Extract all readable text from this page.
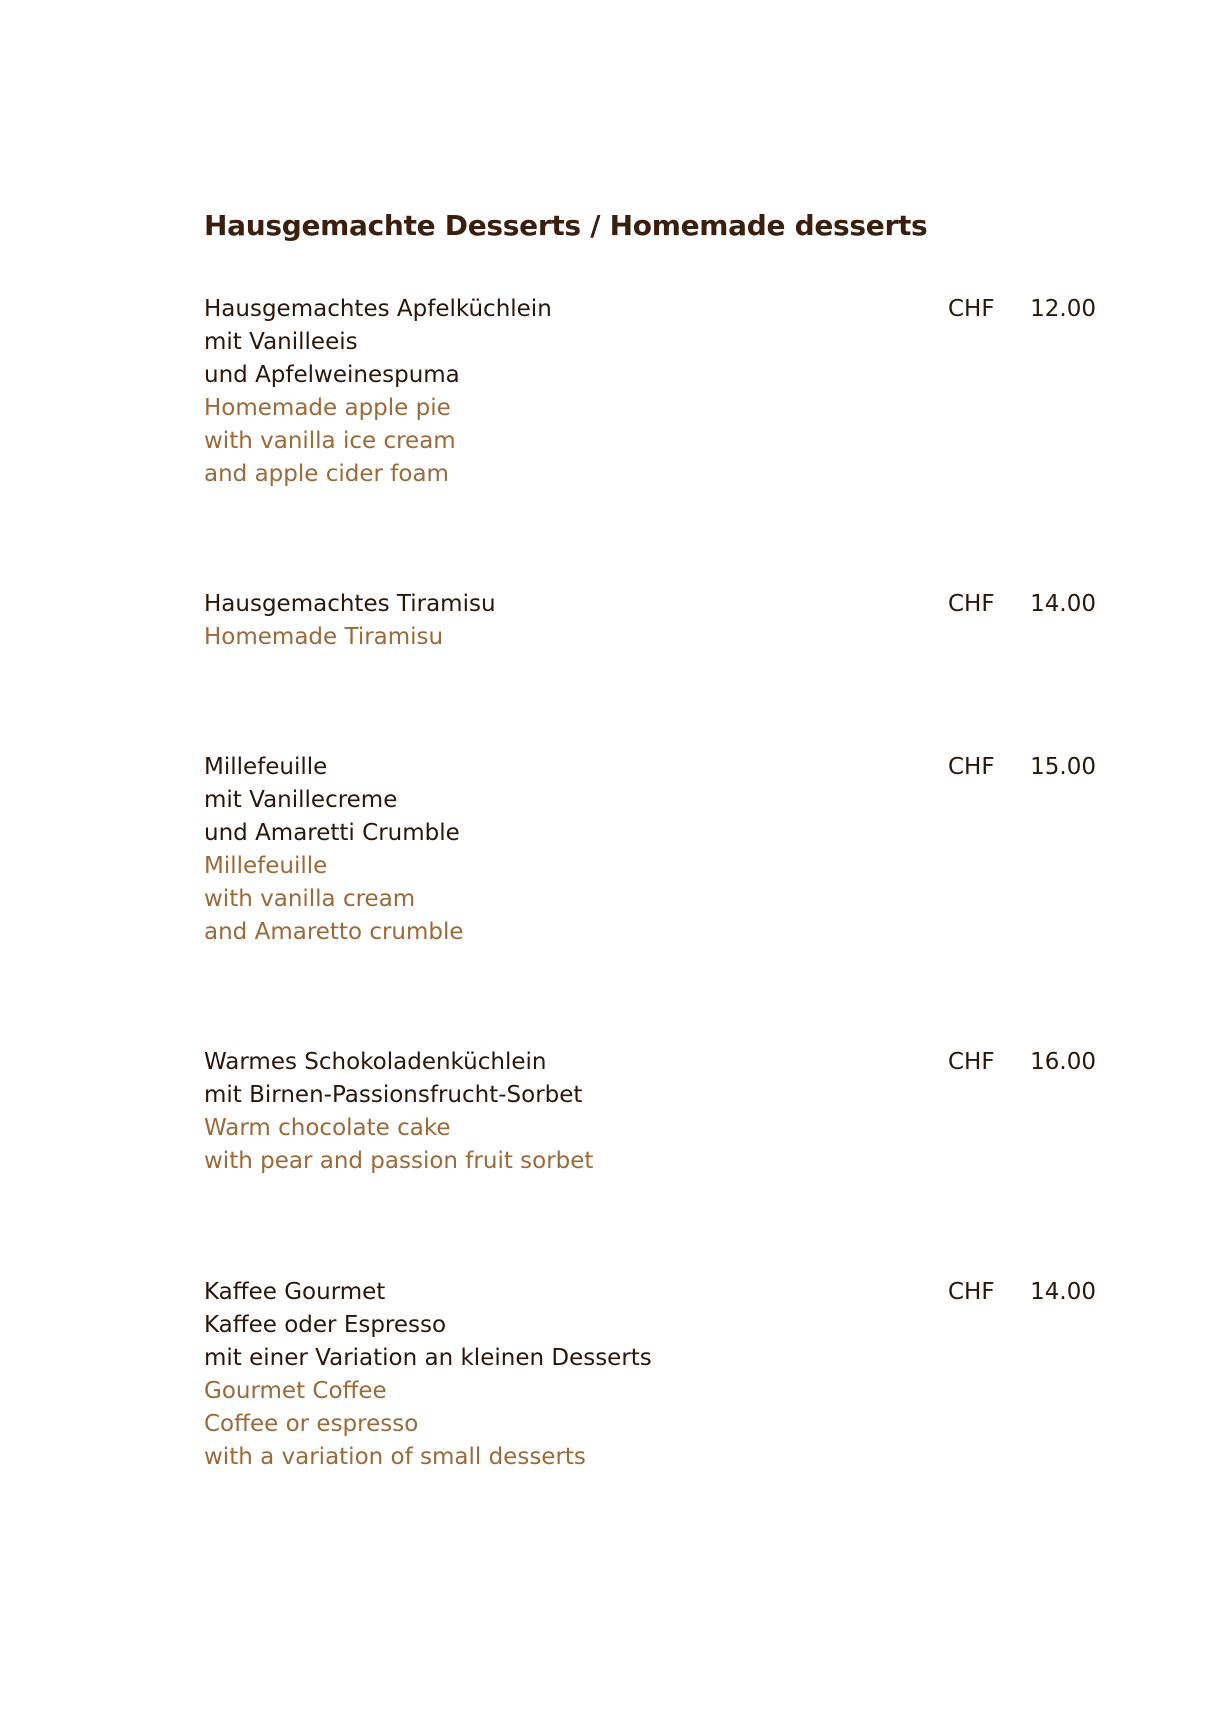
Hausgemachte Desserts / Homemade desserts
Hausgemachtes Apfelküchlein
mit Vanilleeis
und Apfelweinespuma
Homemade apple pie
with vanilla ice cream
and apple cider foam
CHF	12.00
Hausgemachtes Tiramisu
Homemade Tiramisu
CHF	14.00
Millefeuille
mit Vanillecreme
und Amaretti Crumble
Millefeuille
with vanilla cream
and Amaretto crumble
CHF	15.00
Warmes Schokoladenküchlein
mit Birnen-Passionsfrucht-Sorbet
Warm chocolate cake
with pear and passion fruit sorbet
CHF	16.00
Kaffee Gourmet
Kaffee oder Espresso
mit einer Variation an kleinen Desserts
Gourmet Coffee
Coffee or espresso
with a variation of small desserts
CHF	14.00
